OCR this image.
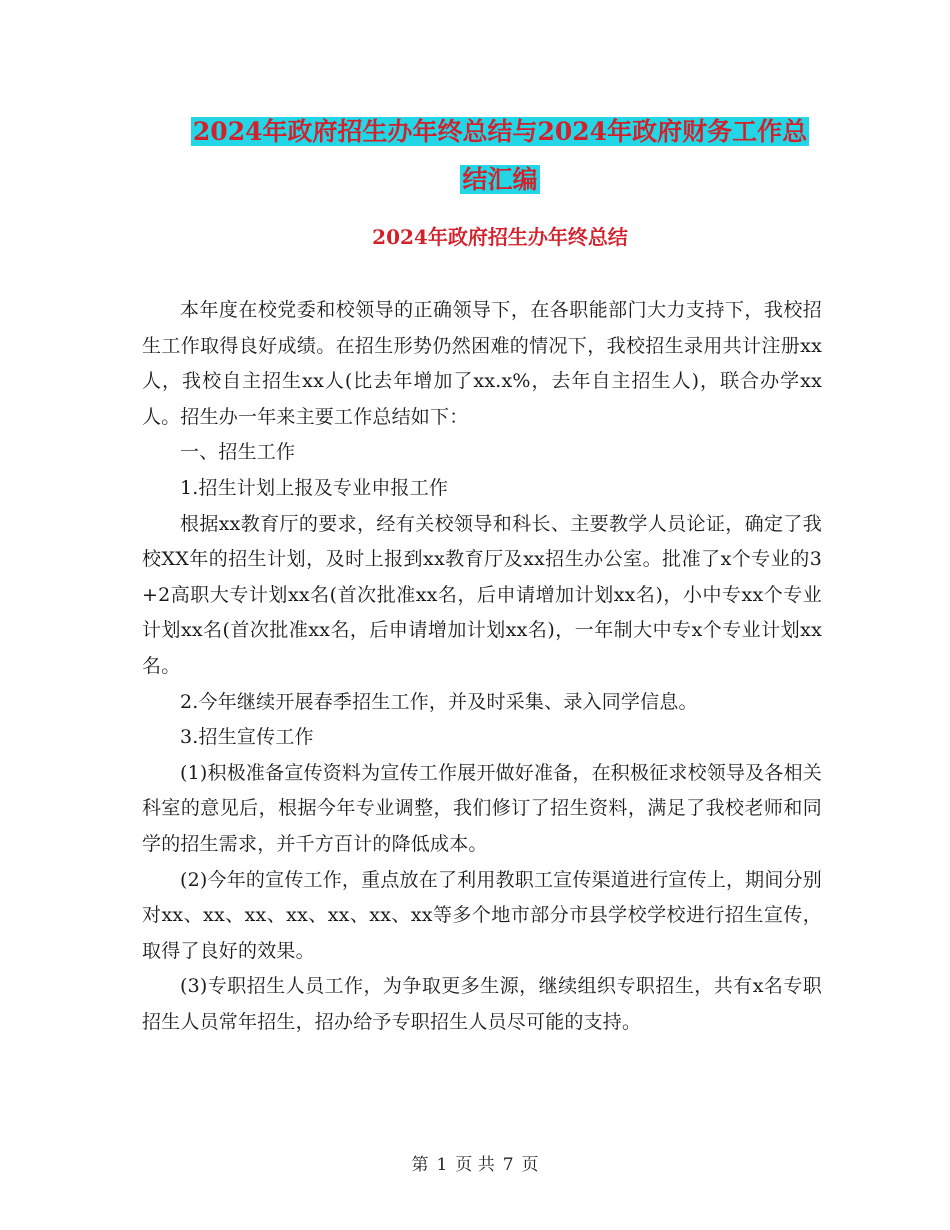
2024年政府招生办年终总结与2024年政府财务工作总
结汇编
2024年政府招生办年终总结

本年度在校党委和校领导的正确领导下，在各职能部门大力支持下，我校招生工作取得良好成绩。在招生形势仍然困难的情况下，我校招生录用共计注册xx人，我校自主招生xx人(比去年增加了xx.x%，去年自主招生人)，联合办学xx人。招生办一年来主要工作总结如下：

一、招生工作

1.招生计划上报及专业申报工作

根据xx教育厅的要求，经有关校领导和科长、主要教学人员论证，确定了我校XX年的招生计划，及时上报到xx教育厅及xx招生办公室。批准了x个专业的3+2高职大专计划xx名(首次批准xx名，后申请增加计划xx名)，小中专xx个专业计划xx名(首次批准xx名，后申请增加计划xx名)，一年制大中专x个专业计划xx名。

2.今年继续开展春季招生工作，并及时采集、录入同学信息。

3.招生宣传工作

(1)积极准备宣传资料为宣传工作展开做好准备，在积极征求校领导及各相关科室的意见后，根据今年专业调整，我们修订了招生资料，满足了我校老师和同学的招生需求，并千方百计的降低成本。

(2)今年的宣传工作，重点放在了利用教职工宣传渠道进行宣传上，期间分别对xx、xx、xx、xx、xx、xx、xx等多个地市部分市县学校学校进行招生宣传，取得了良好的效果。

(3)专职招生人员工作，为争取更多生源，继续组织专职招生，共有x名专职招生人员常年招生，招办给予专职招生人员尽可能的支持。

第 1 页 共 7 页
